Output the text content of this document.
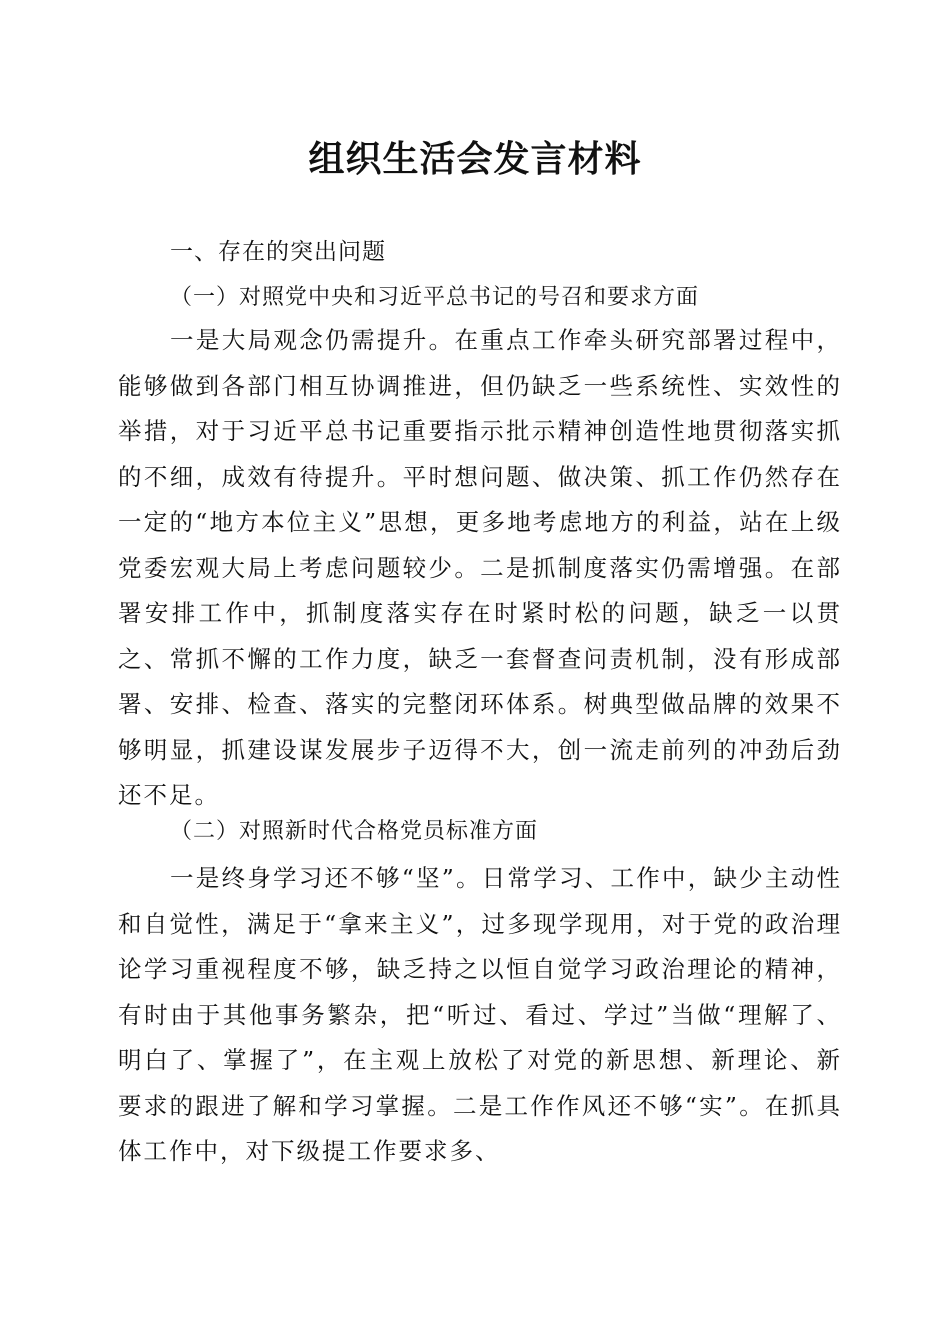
组织生活会发言材料
一、存在的突出问题
（一）对照党中央和习近平总书记的号召和要求方面

一是大局观念仍需提升。在重点工作牵头研究部署过程中，能够做到各部门相互协调推进，但仍缺乏一些系统性、实效性的举措，对于习近平总书记重要指示批示精神创造性地贯彻落实抓的不细，成效有待提升。平时想问题、做决策、抓工作仍然存在一定的“地方本位主义”思想，更多地考虑地方的利益，站在上级党委宏观大局上考虑问题较少。二是抓制度落实仍需增强。在部署安排工作中，抓制度落实存在时紧时松的问题，缺乏一以贯之、常抓不懈的工作力度，缺乏一套督查问责机制，没有形成部署、安排、检查、落实的完整闭环体系。树典型做品牌的效果不够明显，抓建设谋发展步子迈得不大，创一流走前列的冲劲后劲还不足。

（二）对照新时代合格党员标准方面

一是终身学习还不够“坚”。日常学习、工作中，缺少主动性和自觉性，满足于“拿来主义”，过多现学现用，对于党的政治理论学习重视程度不够，缺乏持之以恒自觉学习政治理论的精神，有时由于其他事务繁杂，把“听过、看过、学过”当做“理解了、明白了、掌握了”，在主观上放松了对党的新思想、新理论、新要求的跟进了解和学习掌握。二是工作作风还不够“实”。在抓具体工作中，对下级提工作要求多、
